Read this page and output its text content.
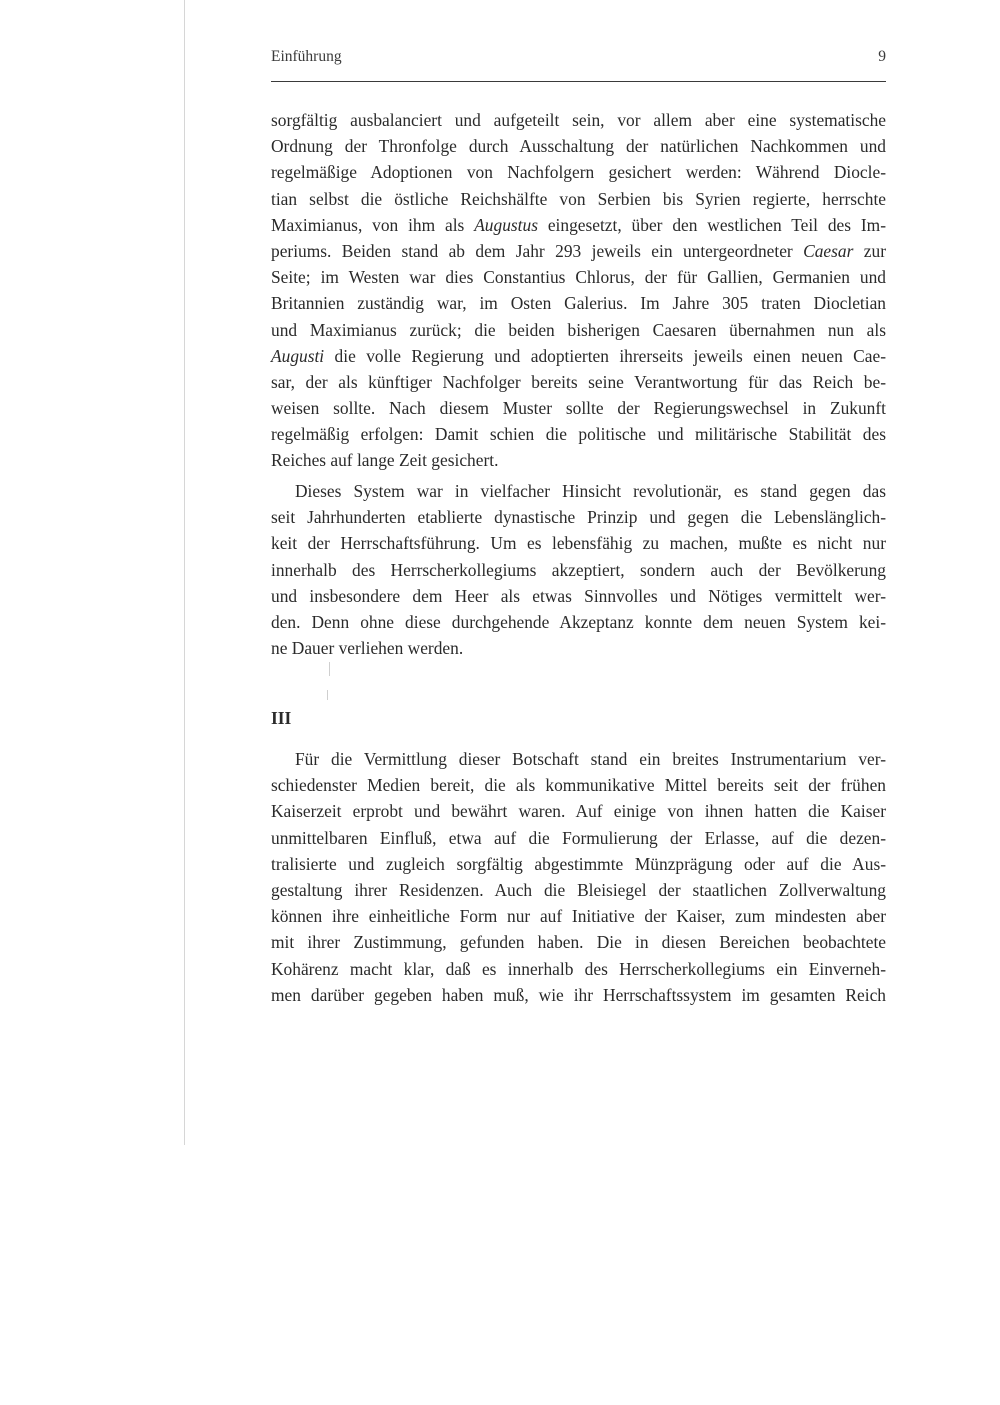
Einführung	9
sorgfältig ausbalanciert und aufgeteilt sein, vor allem aber eine systematische
Ordnung der Thronfolge durch Ausschaltung der natürlichen Nachkommen und
regelmäßige Adoptionen von Nachfolgern gesichert werden: Während Diocle-
tian selbst die östliche Reichshälfte von Serbien bis Syrien regierte, herrschte
Maximianus, von ihm als Augustus eingesetzt, über den westlichen Teil des Im-
periums. Beiden stand ab dem Jahr 293 jeweils ein untergeordneter Caesar zur
Seite; im Westen war dies Constantius Chlorus, der für Gallien, Germanien und
Britannien zuständig war, im Osten Galerius. Im Jahre 305 traten Diocletian
und Maximianus zurück; die beiden bisherigen Caesaren übernahmen nun als
Augusti die volle Regierung und adoptierten ihrerseits jeweils einen neuen Cae-
sar, der als künftiger Nachfolger bereits seine Verantwortung für das Reich be-
weisen sollte. Nach diesem Muster sollte der Regierungswechsel in Zukunft
regelmäßig erfolgen: Damit schien die politische und militärische Stabilität des
Reiches auf lange Zeit gesichert.
Dieses System war in vielfacher Hinsicht revolutionär, es stand gegen das
seit Jahrhunderten etablierte dynastische Prinzip und gegen die Lebenslänglich-
keit der Herrschaftsführung. Um es lebensfähig zu machen, mußte es nicht nur
innerhalb des Herrscherkollegiums akzeptiert, sondern auch der Bevölkerung
und insbesondere dem Heer als etwas Sinnvolles und Nötiges vermittelt wer-
den. Denn ohne diese durchgehende Akzeptanz konnte dem neuen System kei-
ne Dauer verliehen werden.
III
Für die Vermittlung dieser Botschaft stand ein breites Instrumentarium ver-
schiedenster Medien bereit, die als kommunikative Mittel bereits seit der frühen
Kaiserzeit erprobt und bewährt waren. Auf einige von ihnen hatten die Kaiser
unmittelbaren Einfluß, etwa auf die Formulierung der Erlasse, auf die dezen-
tralisierte und zugleich sorgfältig abgestimmte Münzprägung oder auf die Aus-
gestaltung ihrer Residenzen. Auch die Bleisiegel der staatlichen Zollverwaltung
können ihre einheitliche Form nur auf Initiative der Kaiser, zum mindesten aber
mit ihrer Zustimmung, gefunden haben. Die in diesen Bereichen beobachtete
Kohärenz macht klar, daß es innerhalb des Herrscherkollegiums ein Einverneh-
men darüber gegeben haben muß, wie ihr Herrschaftssystem im gesamten Reich
